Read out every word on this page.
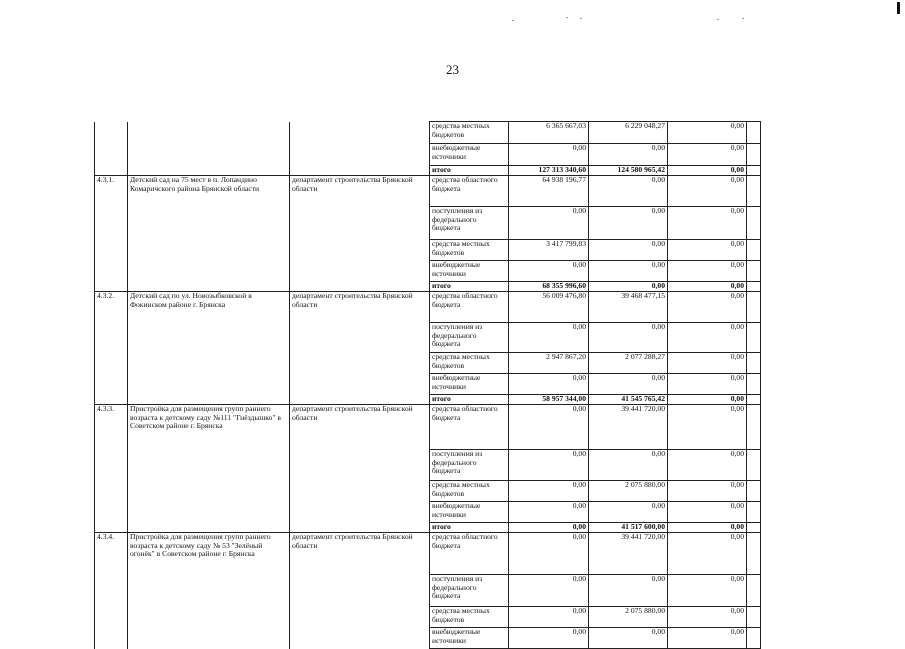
23
			средства местных бюджетов	6 365 667,03	6 229 048,27	0,00	
			внебюджетные источники	0,00	0,00	0,00	
			итого	127 313 340,60	124 580 965,42	0,00	
4.3.1.	Детский сад на 75 мест в п. Лопандино Комаричского района Брянской области	департамент строительства Брянской области	средства областного бюджета	64 938 196,77	0,00	0,00	
			поступления из федерального бюджета	0,00	0,00	0,00	
			средства местных бюджетов	3 417 799,83	0,00	0,00	
			внебюджетные источники	0,00	0,00	0,00	
			итого	68 355 996,60	0,00	0,00	
4.3.2.	Детский сад по ул. Новозыбковской в Фокинском районе г. Брянска	департамент строительства Брянской области	средства областного бюджета	56 009 476,80	39 468 477,15	0,00	
			поступления из федерального бюджета	0,00	0,00	0,00	
			средства местных бюджетов	2 947 867,20	2 077 288,27	0,00	
			внебюджетные источники	0,00	0,00	0,00	
			итого	58 957 344,00	41 545 765,42	0,00	
4.3.3.	Пристройка для размещения групп раннего возраста к детскому саду №111 "Гнёздышко" в Советском районе г. Брянска	департамент строительства Брянской области	средства областного бюджета	0,00	39 441 720,00	0,00	
			поступления из федерального бюджета	0,00	0,00	0,00	
			средства местных бюджетов	0,00	2 075 880,00	0,00	
			внебюджетные источники	0,00	0,00	0,00	
			итого	0,00	41 517 600,00	0,00	
4.3.4.	Пристройка для размещения групп раннего возраста к детскому саду № 53 "Зелёный огонёк" в Советском районе г. Брянска	департамент строительства Брянской области	средства областного бюджета	0,00	39 441 720,00	0,00	
			поступления из федерального бюджета	0,00	0,00	0,00	
			средства местных бюджетов	0,00	2 075 880,00	0,00	
			внебюджетные источники	0,00	0,00	0,00	
